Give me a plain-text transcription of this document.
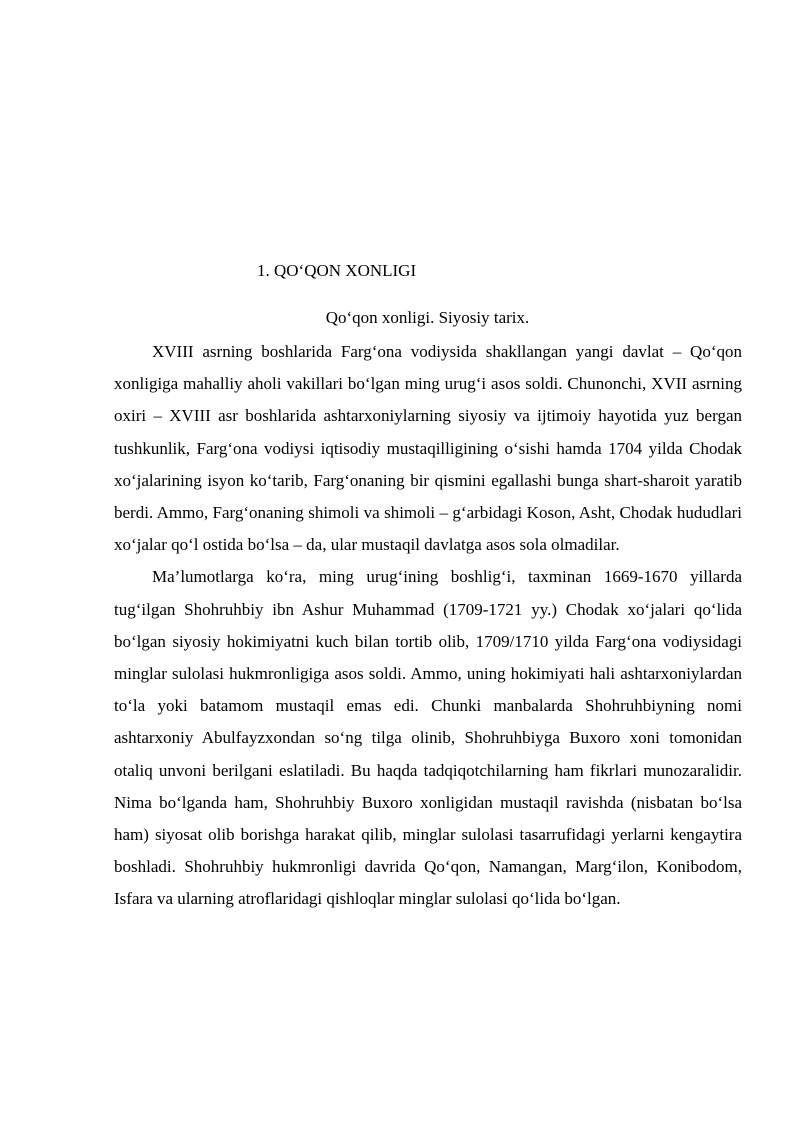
1. QO‘QON XONLIGI
Qo‘qon xonligi. Siyosiy tarix.

XVIII asrning boshlarida Farg‘ona vodiysida shakllangan yangi davlat – Qo‘qon xonligiga mahalliy aholi vakillari bo‘lgan ming urug‘i asos soldi. Chunonchi, XVII asrning oxiri – XVIII asr boshlarida ashtarxoniylarning siyosiy va ijtimoiy hayotida yuz bergan tushkunlik, Farg‘ona vodiysi iqtisodiy mustaqilligining o‘sishi hamda 1704 yilda Chodak xo‘jalarining isyon ko‘tarib, Farg‘onaning bir qismini egallashi bunga shart-sharoit yaratib berdi. Ammo, Farg‘onaning shimoli va shimoli – g‘arbidagi Koson, Asht, Chodak hududlari xo‘jalar qo‘l ostida bo‘lsa – da, ular mustaqil davlatga asos sola olmadilar.

Ma’lumotlarga ko‘ra, ming urug‘ining boshlig‘i, taxminan 1669-1670 yillarda tug‘ilgan Shohruhbiy ibn Ashur Muhammad (1709-1721 yy.) Chodak xo‘jalari qo‘lida bo‘lgan siyosiy hokimiyatni kuch bilan tortib olib, 1709/1710 yilda Farg‘ona vodiysidagi minglar sulolasi hukmronligiga asos soldi. Ammo, uning hokimiyati hali ashtarxoniylardan to‘la yoki batamom mustaqil emas edi. Chunki manbalarda Shohruhbiyning nomi ashtarxoniy Abulfayzxondan so‘ng tilga olinib, Shohruhbiyga Buxoro xoni tomonidan otaliq unvoni berilgani eslatiladi. Bu haqda tadqiqotchilarning ham fikrlari munozaralidir. Nima bo‘lganda ham, Shohruhbiy Buxoro xonligidan mustaqil ravishda (nisbatan bo‘lsa ham) siyosat olib borishga harakat qilib, minglar sulolasi tasarrufidagi yerlarni kengaytira boshladi. Shohruhbiy hukmronligi davrida Qo‘qon, Namangan, Marg‘ilon, Konibodom, Isfara va ularning atroflaridagi qishloqlar minglar sulolasi qo‘lida bo‘lgan.
